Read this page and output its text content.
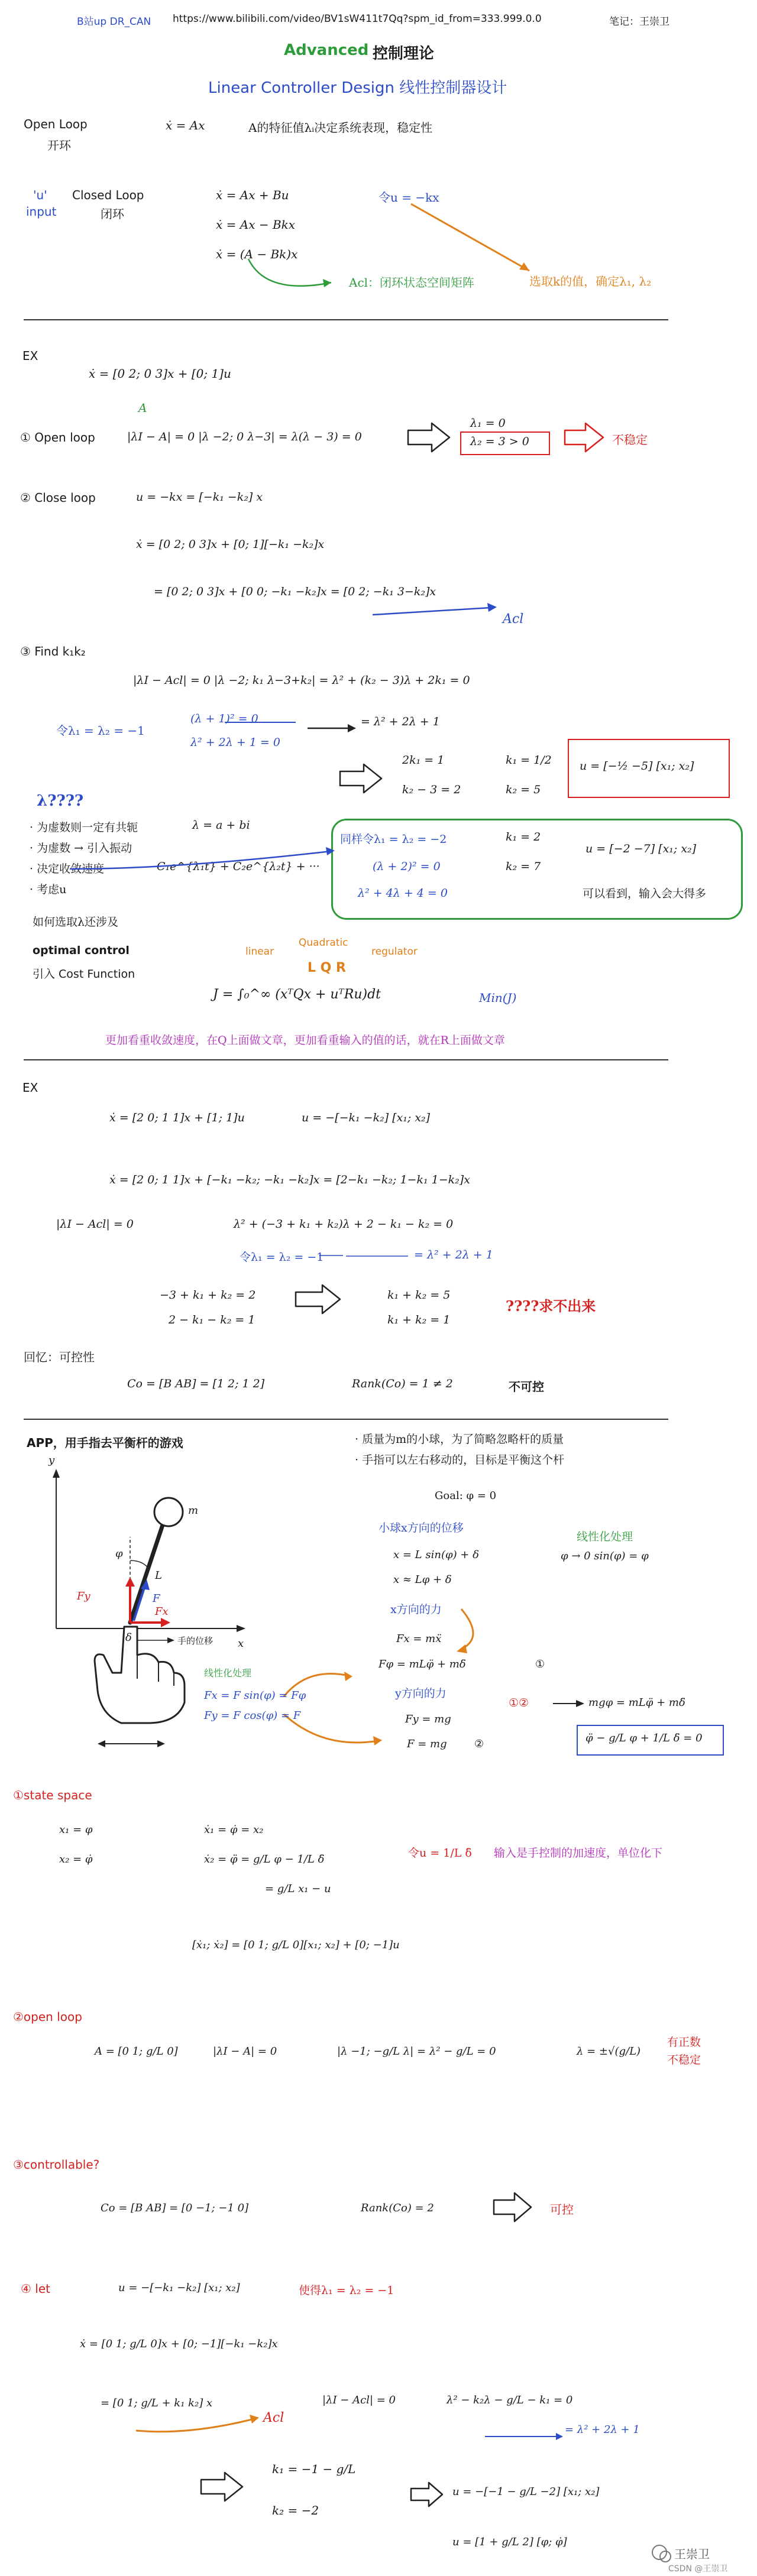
B站up DR_CAN https://www.bilibili.com/video/BV1sW411t7Qq?spm_id_from=333.999.0.0	笔记：王崇卫
Advanced 控制理论
Linear Controller Design 线性控制器设计
Open Loop
开环
ẋ = Ax	A的特征值λᵢ决定系统表现，稳定性
'u'
input
Closed Loop
闭环
ẋ = Ax + Bu
ẋ = Ax − Bkx
ẋ = (A − Bk)x
令u = −kx
Acl：闭环状态空间矩阵	选取k的值，确定λ₁, λ₂
EX
ẋ = [0 2; 0 3]x + [0; 1]u
A
① Open loop	|λI − A| = 0 |λ −2; 0 λ−3| = λ(λ − 3) = 0
λ₁ = 0
λ₂ = 3 > 0	不稳定
② Close loop	u = −kx = [−k₁ −k₂] x
ẋ = [0 2; 0 3]x + [0; 1][−k₁ −k₂]x
= [0 2; 0 3]x + [0 0; −k₁ −k₂]x = [0 2; −k₁ 3−k₂]x
Acl
③ Find k₁k₂
|λI − Acl| = 0 |λ −2; k₁ λ−3+k₂| = λ² + (k₂ − 3)λ + 2k₁ = 0
令λ₁ = λ₂ = −1
(λ + 1)² = 0
λ² + 2λ + 1 = 0
= λ² + 2λ + 1
2k₁ = 1
k₂ − 3 = 2
k₁ = 1/2
k₂ = 5
u = [−½ −5] [x₁; x₂]
λ????
· 为虚数则一定有共轭
· 为虚数 → 引入振动
· 决定收敛速度
· 考虑u
λ = a + bi
C₁e^{λ₁t} + C₂e^{λ₂t} + ···
同样令λ₁ = λ₂ = −2	k₁ = 2
(λ + 2)² = 0	k₂ = 7
λ² + 4λ + 4 = 0
u = [−2 −7] [x₁; x₂]
可以看到，输入会大得多
如何选取λ还涉及
optimal control
引入 Cost Function
linear
Quadratic
regulator
L Q R
J = ∫₀^∞ (xᵀQx + uᵀRu)dt	Min(J)
更加看重收敛速度，在Q上面做文章，更加看重输入的值的话，就在R上面做文章
EX
ẋ = [2 0; 1 1]x + [1; 1]u	u = −[−k₁ −k₂] [x₁; x₂]
ẋ = [2 0; 1 1]x + [−k₁ −k₂; −k₁ −k₂]x = [2−k₁ −k₂; 1−k₁ 1−k₂]x
|λI − Acl| = 0	λ² + (−3 + k₁ + k₂)λ + 2 − k₁ − k₂ = 0
令λ₁ = λ₂ = −1	= λ² + 2λ + 1
−3 + k₁ + k₂ = 2
2 − k₁ − k₂ = 1
k₁ + k₂ = 5
k₁ + k₂ = 1
????求不出来
回忆：可控性
Co = [B AB] = [1 2; 1 2]	Rank(Co) = 1 ≠ 2	不可控
APP，用手指去平衡杆的游戏	· 质量为m的小球，为了简略忽略杆的质量
· 手指可以左右移动的，目标是平衡这个杆
y
x
m
φ
L
F
Fy
Fx
δ	手的位移
Goal: φ = 0
小球x方向的位移
x = L sin(φ) + δ
x ≈ Lφ + δ
线性化处理
φ → 0 sin(φ) = φ
x方向的力
Fx = mẍ
Fφ = mLφ̈ + mδ̈	①
y方向的力
Fy = mg
F = mg	②
①②	mgφ = mLφ̈ + mδ̈
φ̈ − g/L φ + 1/L δ̈ = 0
线性化处理
Fx = F sin(φ) = Fφ
Fy = F cos(φ) = F
①state space
x₁ = φ
x₂ = φ̇
ẋ₁ = φ̇ = x₂
ẋ₂ = φ̈ = g/L φ − 1/L δ̈
= g/L x₁ − u
令u = 1/L δ̈ 输入是手控制的加速度，单位化下
[ẋ₁; ẋ₂] = [0 1; g/L 0][x₁; x₂] + [0; −1]u
②open loop
A = [0 1; g/L 0]	|λI − A| = 0	|λ −1; −g/L λ| = λ² − g/L = 0	λ = ±√(g/L)
有正数
不稳定
③controllable?
Co = [B AB] = [0 −1; −1 0]	Rank(Co) = 2	可控
④ let	u = −[−k₁ −k₂] [x₁; x₂]	使得λ₁ = λ₂ = −1
ẋ = [0 1; g/L 0]x + [0; −1][−k₁ −k₂]x
= [0 1; g/L + k₁ k₂] x
Acl
|λI − Acl| = 0	λ² − k₂λ − g/L − k₁ = 0
= λ² + 2λ + 1
k₁ = −1 − g/L
k₂ = −2
u = −[−1 − g/L −2] [x₁; x₂]
u = [1 + g/L 2] [φ; φ̇]
王崇卫
CSDN @王崇卫
